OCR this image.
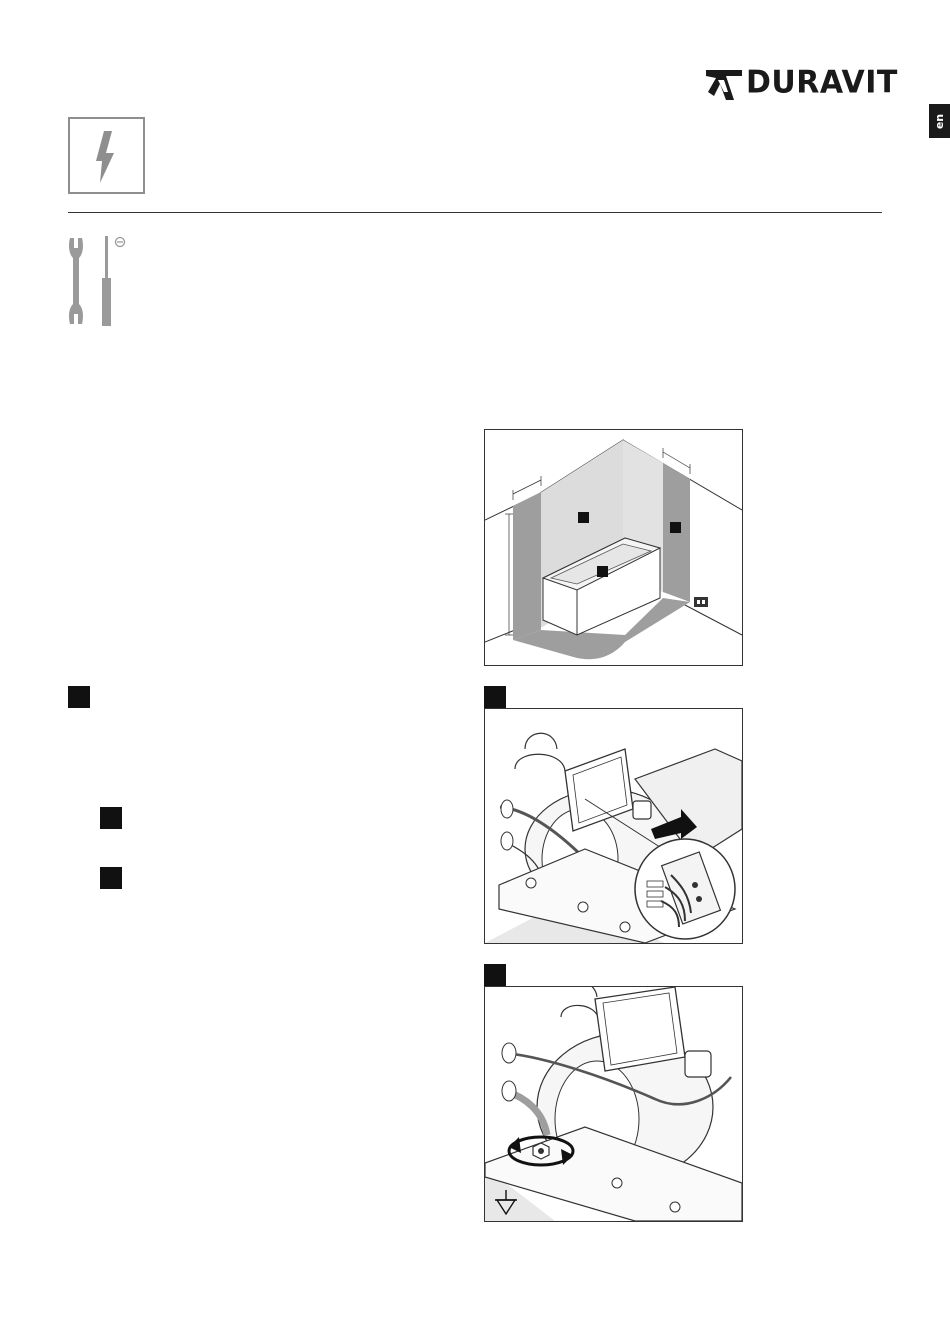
DURAVIT
en
